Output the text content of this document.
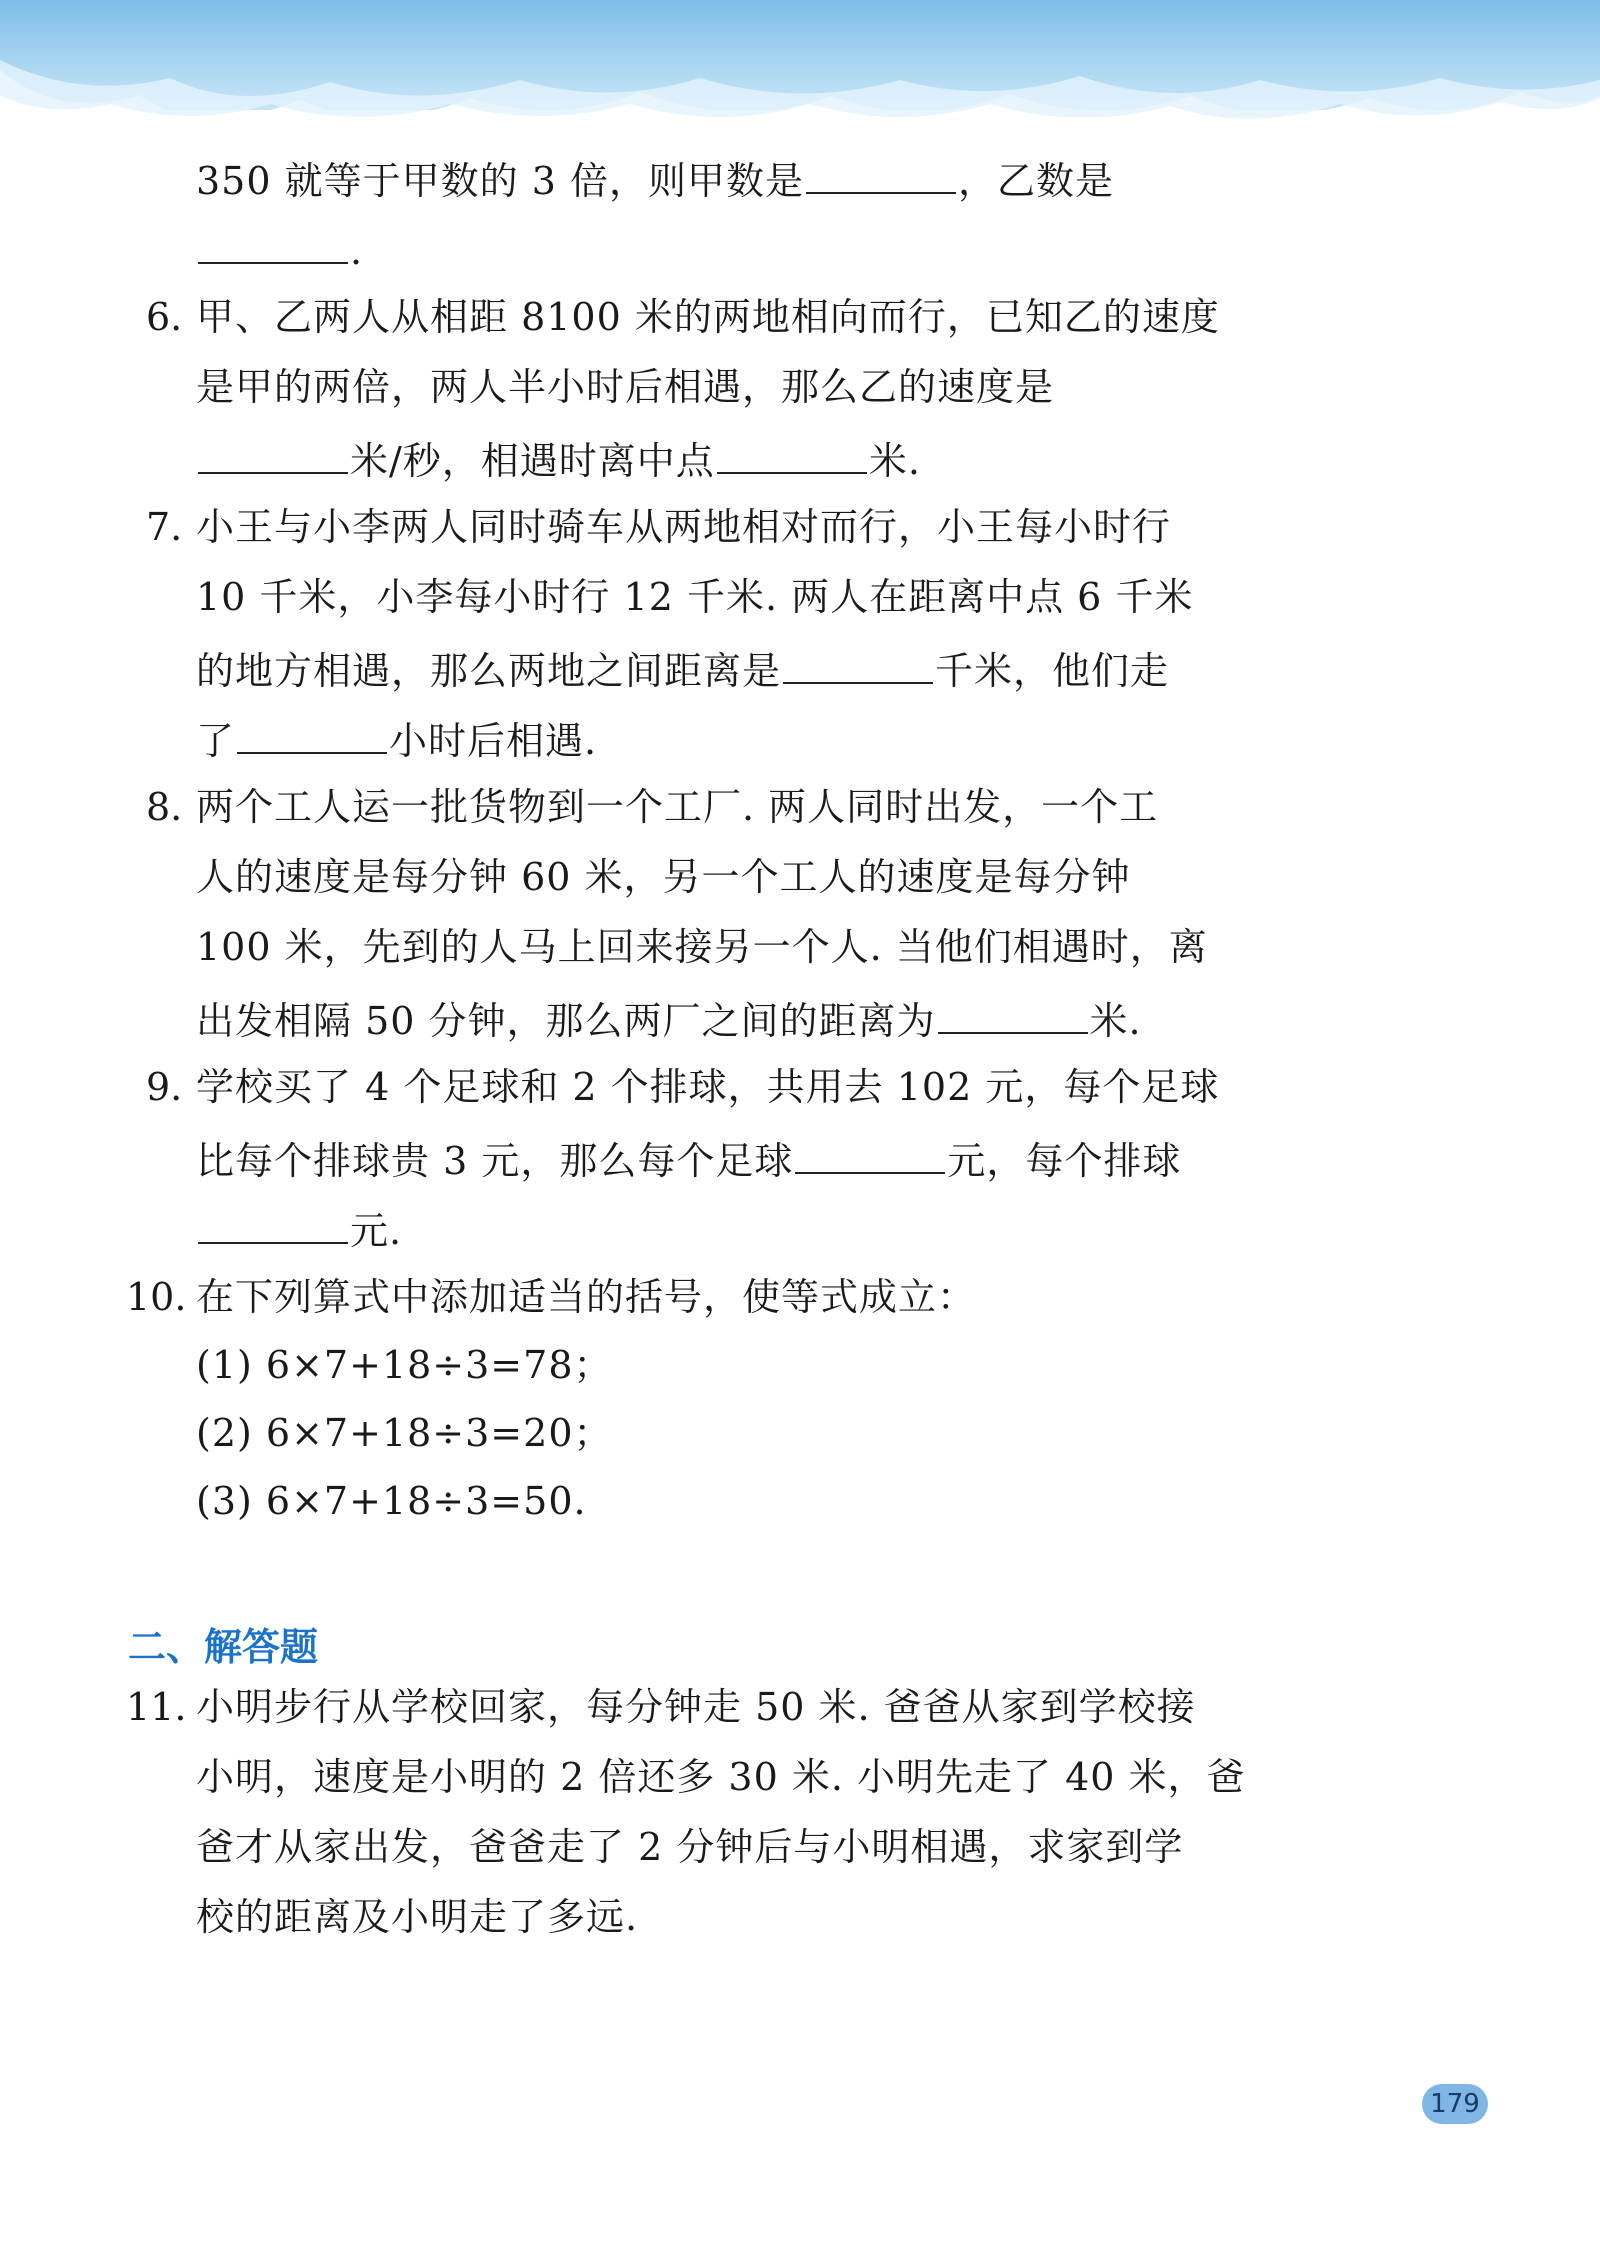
350 就等于甲数的 3 倍，则甲数是	，乙数是
.
6. 甲、乙两人从相距 8100 米的两地相向而行，已知乙的速度
是甲的两倍，两人半小时后相遇，那么乙的速度是
米/秒，相遇时离中点	米.
7. 小王与小李两人同时骑车从两地相对而行，小王每小时行
10 千米，小李每小时行 12 千米. 两人在距离中点 6 千米
的地方相遇，那么两地之间距离是	千米，他们走
了	小时后相遇.
8. 两个工人运一批货物到一个工厂. 两人同时出发，一个工
人的速度是每分钟 60 米，另一个工人的速度是每分钟
100 米，先到的人马上回来接另一个人. 当他们相遇时，离
出发相隔 50 分钟，那么两厂之间的距离为	米.
9. 学校买了 4 个足球和 2 个排球，共用去 102 元，每个足球
比每个排球贵 3 元，那么每个足球	元，每个排球
元.
10. 在下列算式中添加适当的括号，使等式成立：
(1) 6×7+18÷3=78；
(2) 6×7+18÷3=20；
(3) 6×7+18÷3=50.
二、解答题
11. 小明步行从学校回家，每分钟走 50 米. 爸爸从家到学校接
小明，速度是小明的 2 倍还多 30 米. 小明先走了 40 米，爸
爸才从家出发，爸爸走了 2 分钟后与小明相遇，求家到学
校的距离及小明走了多远.
179
